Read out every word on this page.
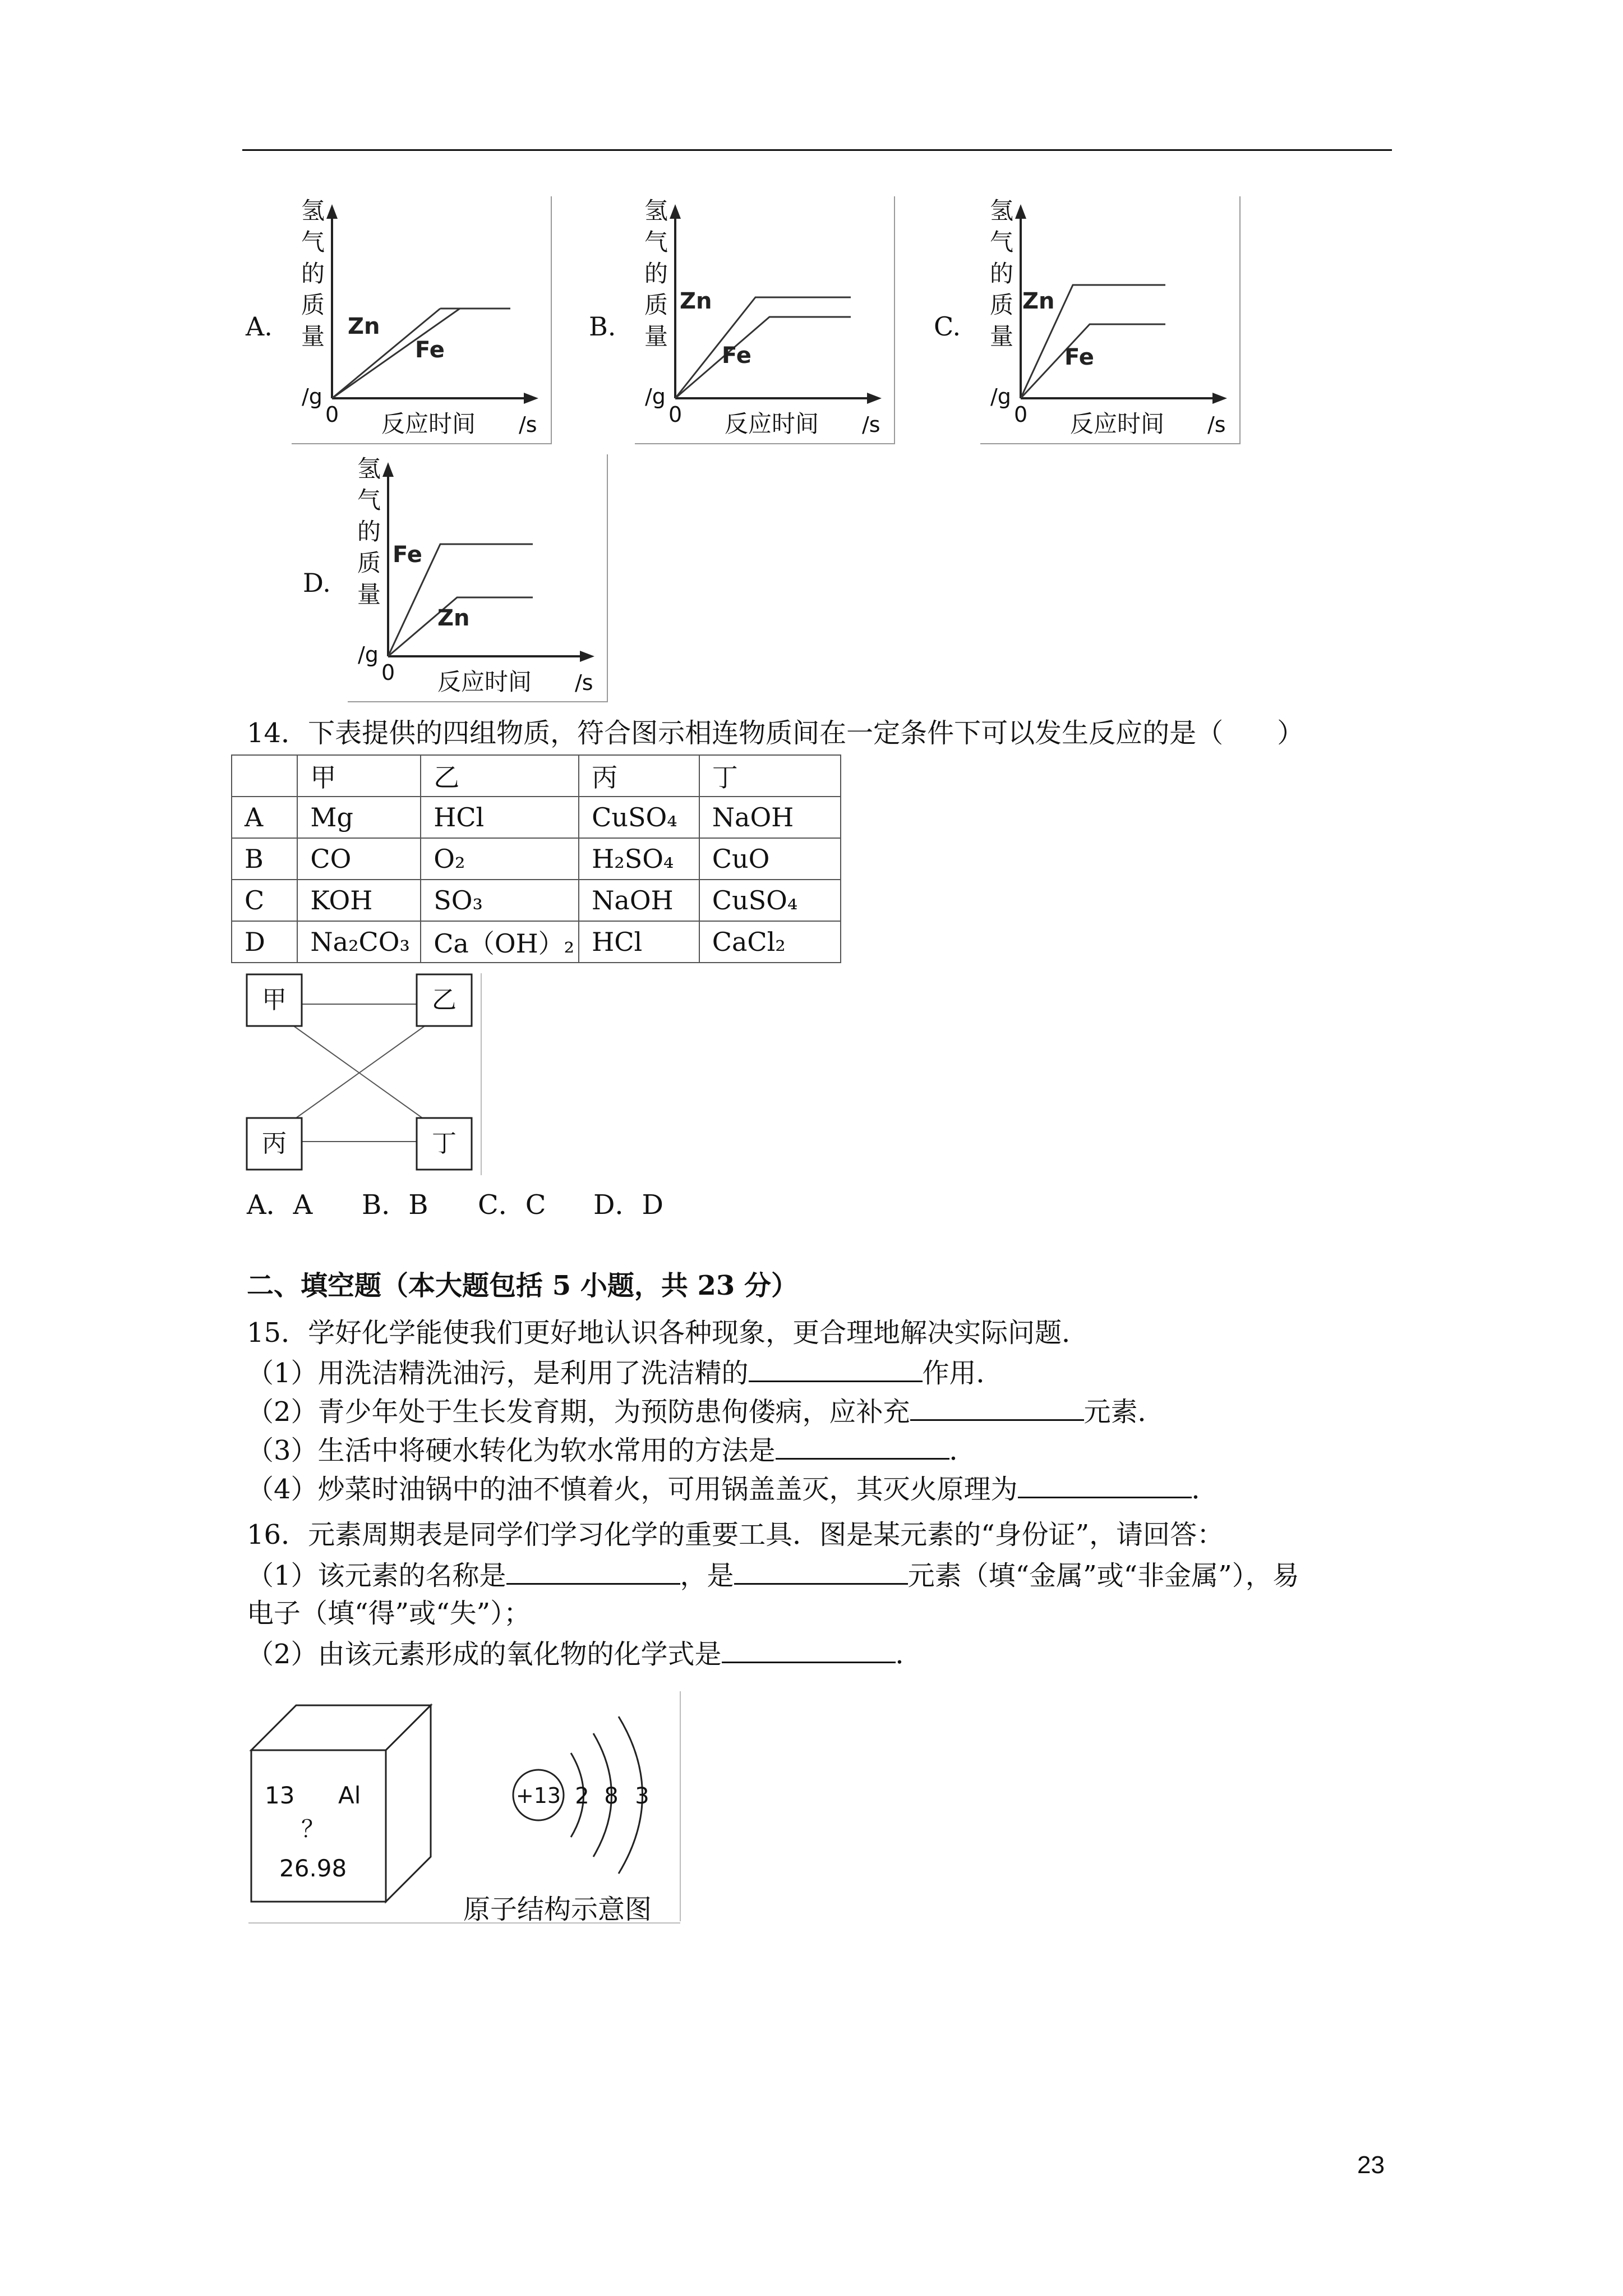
A.	B.	C.
D.
氢
气
的
质
量
/g
0 反应时间 /s
Zn
Fe
氢
气
的
质
量
/g
0 反应时间 /s
Zn
Fe
氢
气
的
质
量
/g
0 反应时间 /s
Zn
Fe
氢
气
的
质
量
/g
0 反应时间 /s
Fe
Zn
14．下表提供的四组物质，符合图示相连物质间在一定条件下可以发生反应的是（　　）
	甲	乙	丙	丁
A	Mg	HCl	CuSO₄	NaOH
B	CO	O₂	H₂SO₄	CuO
C	KOH	SO₃	NaOH	CuSO₄
D	Na₂CO₃	Ca（OH）₂	HCl	CaCl₂
甲	乙
丙	丁
A．A B．B C．C D．D
二、填空题（本大题包括 5 小题，共 23 分）
15．学好化学能使我们更好地认识各种现象，更合理地解决实际问题．
（1）用洗洁精洗油污，是利用了洗洁精的	作用．
（2）青少年处于生长发育期，为预防患佝偻病，应补充	元素．
（3）生活中将硬水转化为软水常用的方法是	．
（4）炒菜时油锅中的油不慎着火，可用锅盖盖灭，其灭火原理为	．
16．元素周期表是同学们学习化学的重要工具．图是某元素的“身份证”，请回答：
（1）该元素的名称是	，是	元素（填“金属”或“非金属”），易
电子（填“得”或“失”）；
（2）由该元素形成的氧化物的化学式是	．
13 Al
？
26.98
+13 2 8 3
原子结构示意图
23
